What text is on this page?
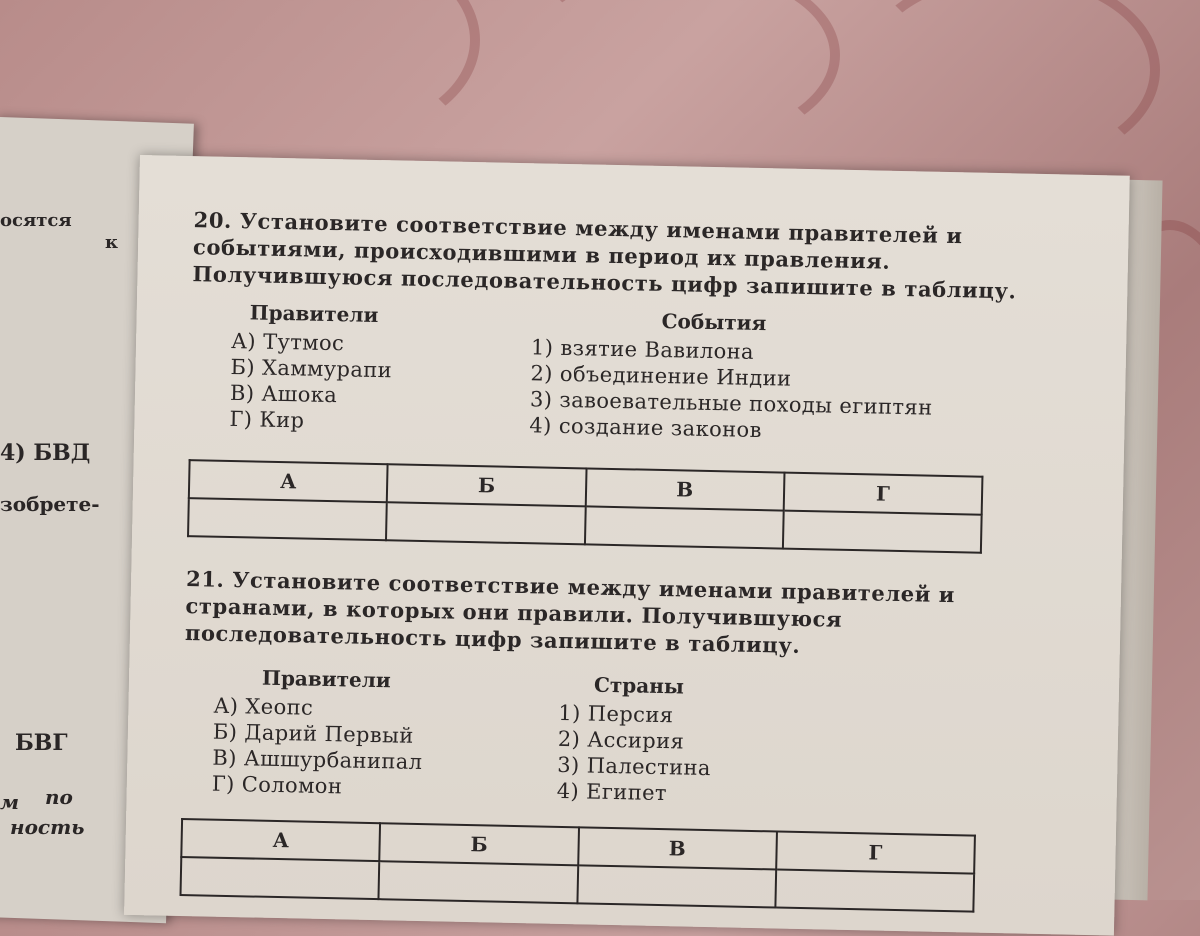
осятся
к
4) БВД
зобрете-
БВГ
м по
ность

20. Установите соответствие между именами правителей и событиями, происходившими в период их правления. Получившуюся последовательность цифр запишите в таблицу.

Правители

А) Тутмос

Б) Хаммурапи

В) Ашока

Г) Кир

События

1) взятие Вавилона

2) объединение Индии

3) завоевательные походы египтян

4) создание законов

А	Б	В	Г

21. Установите соответствие между именами правителей и странами, в которых они правили. Получившуюся последовательность цифр запишите в таблицу.

Правители

А) Хеопс

Б) Дарий Первый

В) Ашшурбанипал

Г) Соломон

Страны

1) Персия

2) Ассирия

3) Палестина

4) Египет

А	Б	В	Г
